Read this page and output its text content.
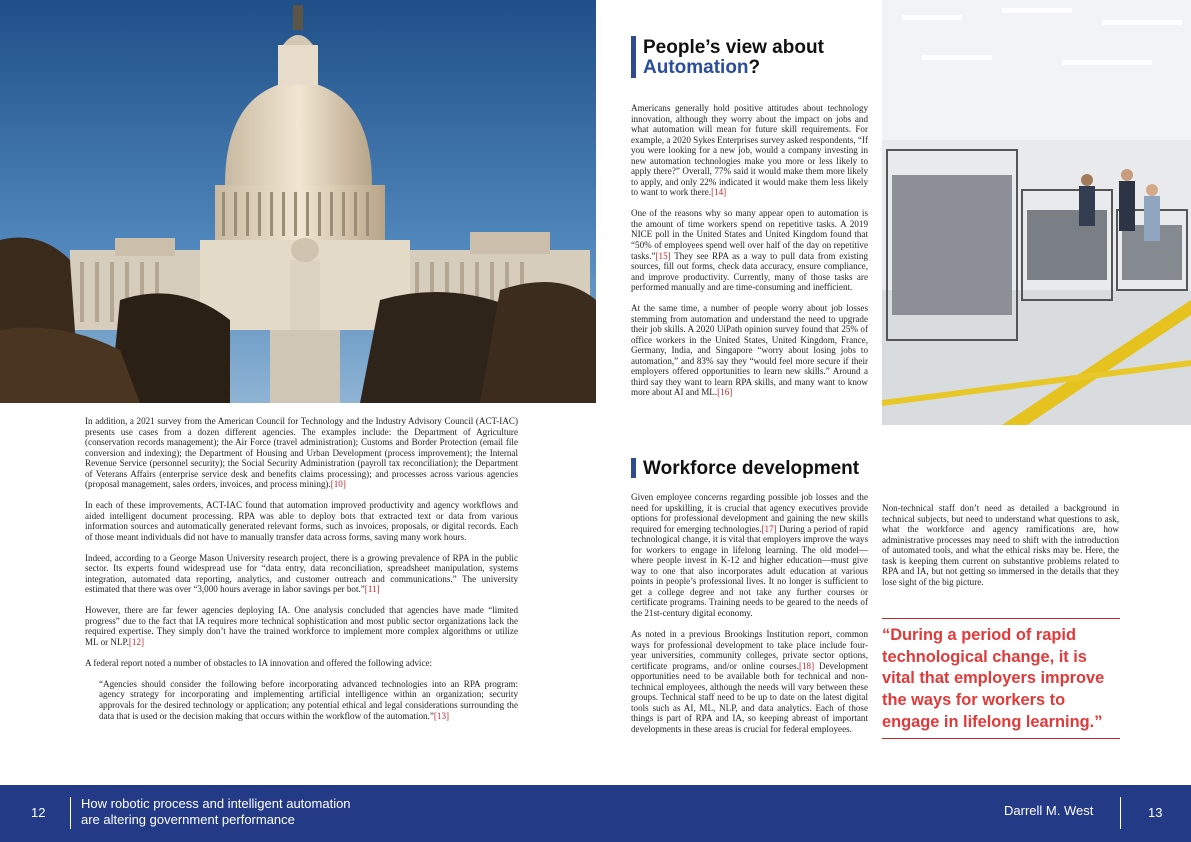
In addition, a 2021 survey from the American Council for Technology and the Industry Advisory Council (ACT-IAC) presents use cases from a dozen different agencies. The examples include: the Department of Agriculture (conservation records management); the Air Force (travel administration); Customs and Border Protection (email file conversion and indexing); the Department of Housing and Urban Development (process improvement); the Internal Revenue Service (personnel security); the Social Security Administration (payroll tax reconciliation); the Department of Veterans Affairs (enterprise service desk and benefits claims processing); and processes across various agencies (proposal management, sales orders, invoices, and process mining).[10]

In each of these improvements, ACT-IAC found that automation improved productivity and agency workflows and aided intelligent document processing. RPA was able to deploy bots that extracted text or data from various information sources and automatically generated relevant forms, such as invoices, proposals, or digital records. Each of those meant individuals did not have to manually transfer data across forms, saving many work hours.

Indeed, according to a George Mason University research project, there is a growing prevalence of RPA in the public sector. Its experts found widespread use for “data entry, data reconciliation, spreadsheet manipulation, systems integration, automated data reporting, analytics, and customer outreach and communications.” The university estimated that there was over “3,000 hours average in labor savings per bot.”[11]

However, there are far fewer agencies deploying IA. One analysis concluded that agencies have made “limited progress” due to the fact that IA requires more technical sophistication and most public sector organizations lack the required expertise. They simply don’t have the trained workforce to implement more complex algorithms or utilize ML or NLP.[12]

A federal report noted a number of obstacles to IA innovation and offered the following advice:

“Agencies should consider the following before incorporating advanced technologies into an RPA program: agency strategy for incorporating and implementing artificial intelligence within an organization; security approvals for the desired technology or application; any potential ethical and legal considerations surrounding the data that is used or the decision making that occurs within the workflow of the automation.”[13]

People’s view about
Automation?

Americans generally hold positive attitudes about technology innovation, although they worry about the impact on jobs and what automation will mean for future skill requirements. For example, a 2020 Sykes Enterprises survey asked respondents, “If you were looking for a new job, would a company investing in new automation technologies make you more or less likely to apply there?” Overall, 77% said it would make them more likely to apply, and only 22% indicated it would make them less likely to want to work there.[14]

One of the reasons why so many appear open to automation is the amount of time workers spend on repetitive tasks. A 2019 NICE poll in the United States and United Kingdom found that “50% of employees spend well over half of the day on repetitive tasks.”[15] They see RPA as a way to pull data from existing sources, fill out forms, check data accuracy, ensure compliance, and improve productivity. Currently, many of those tasks are performed manually and are time-consuming and inefficient.

At the same time, a number of people worry about job losses stemming from automation and understand the need to upgrade their job skills. A 2020 UiPath opinion survey found that 25% of office workers in the United States, United Kingdom, France, Germany, India, and Singapore “worry about losing jobs to automation,” and 83% say they “would feel more secure if their employers offered opportunities to learn new skills.” Around a third say they want to learn RPA skills, and many want to know more about AI and ML.[16]

Workforce development

Given employee concerns regarding possible job losses and the need for upskilling, it is crucial that agency executives provide options for professional development and gaining the new skills required for emerging technologies.[17] During a period of rapid technological change, it is vital that employers improve the ways for workers to engage in lifelong learning. The old model—where people invest in K-12 and higher education—must give way to one that also incorporates adult education at various points in people’s professional lives. It no longer is sufficient to get a college degree and not take any further courses or certificate programs. Training needs to be geared to the needs of the 21st-century digital economy.

As noted in a previous Brookings Institution report, common ways for professional development to take place include four-year universities, community colleges, private sector options, certificate programs, and/or online courses.[18] Development opportunities need to be available both for technical and non-technical employees, although the needs will vary between these groups. Technical staff need to be up to date on the latest digital tools such as AI, ML, NLP, and data analytics. Each of those things is part of RPA and IA, so keeping abreast of important developments in these areas is crucial for federal employees.

Non-technical staff don’t need as detailed a background in technical subjects, but need to understand what questions to ask, what the workforce and agency ramifications are, how administrative processes may need to shift with the introduction of automated tools, and what the ethical risks may be. Here, the task is keeping them current on substantive problems related to RPA and IA, but not getting so immersed in the details that they lose sight of the big picture.

“During a period of rapid technological change, it is vital that employers improve the ways for workers to engage in lifelong learning.”
12
How robotic process and intelligent automation
are altering government performance
Darrell M. West	13
